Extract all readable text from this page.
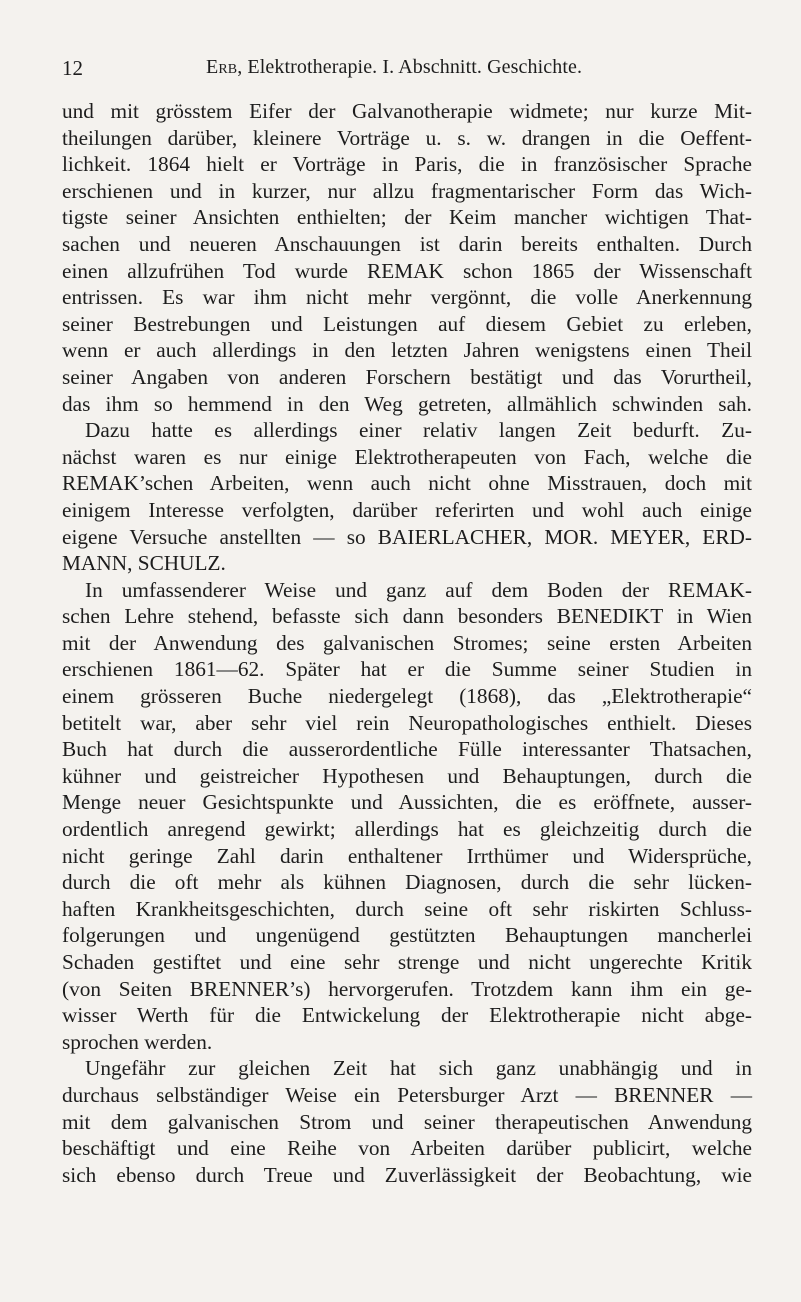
12	Erb, Elektrotherapie. I. Abschnitt. Geschichte.
und mit grösstem Eifer der Galvanotherapie widmete; nur kurze Mit-
theilungen darüber, kleinere Vorträge u. s. w. drangen in die Oeffent-
lichkeit. 1864 hielt er Vorträge in Paris, die in französischer Sprache
erschienen und in kurzer, nur allzu fragmentarischer Form das Wich-
tigste seiner Ansichten enthielten; der Keim mancher wichtigen That-
sachen und neueren Anschauungen ist darin bereits enthalten. Durch
einen allzufrühen Tod wurde REMAK schon 1865 der Wissenschaft
entrissen. Es war ihm nicht mehr vergönnt, die volle Anerkennung
seiner Bestrebungen und Leistungen auf diesem Gebiet zu erleben,
wenn er auch allerdings in den letzten Jahren wenigstens einen Theil
seiner Angaben von anderen Forschern bestätigt und das Vorurtheil,
das ihm so hemmend in den Weg getreten, allmählich schwinden sah.
Dazu hatte es allerdings einer relativ langen Zeit bedurft. Zu-
nächst waren es nur einige Elektrotherapeuten von Fach, welche die
REMAK’schen Arbeiten, wenn auch nicht ohne Misstrauen, doch mit
einigem Interesse verfolgten, darüber referirten und wohl auch einige
eigene Versuche anstellten — so BAIERLACHER, MOR. MEYER, ERD-
MANN, SCHULZ.
In umfassenderer Weise und ganz auf dem Boden der REMAK-
schen Lehre stehend, befasste sich dann besonders BENEDIKT in Wien
mit der Anwendung des galvanischen Stromes; seine ersten Arbeiten
erschienen 1861—62. Später hat er die Summe seiner Studien in
einem grösseren Buche niedergelegt (1868), das „Elektrotherapie“
betitelt war, aber sehr viel rein Neuropathologisches enthielt. Dieses
Buch hat durch die ausserordentliche Fülle interessanter Thatsachen,
kühner und geistreicher Hypothesen und Behauptungen, durch die
Menge neuer Gesichtspunkte und Aussichten, die es eröffnete, ausser-
ordentlich anregend gewirkt; allerdings hat es gleichzeitig durch die
nicht geringe Zahl darin enthaltener Irrthümer und Widersprüche,
durch die oft mehr als kühnen Diagnosen, durch die sehr lücken-
haften Krankheitsgeschichten, durch seine oft sehr riskirten Schluss-
folgerungen und ungenügend gestützten Behauptungen mancherlei
Schaden gestiftet und eine sehr strenge und nicht ungerechte Kritik
(von Seiten BRENNER’s) hervorgerufen. Trotzdem kann ihm ein ge-
wisser Werth für die Entwickelung der Elektrotherapie nicht abge-
sprochen werden.
Ungefähr zur gleichen Zeit hat sich ganz unabhängig und in
durchaus selbständiger Weise ein Petersburger Arzt — BRENNER —
mit dem galvanischen Strom und seiner therapeutischen Anwendung
beschäftigt und eine Reihe von Arbeiten darüber publicirt, welche
sich ebenso durch Treue und Zuverlässigkeit der Beobachtung, wie
